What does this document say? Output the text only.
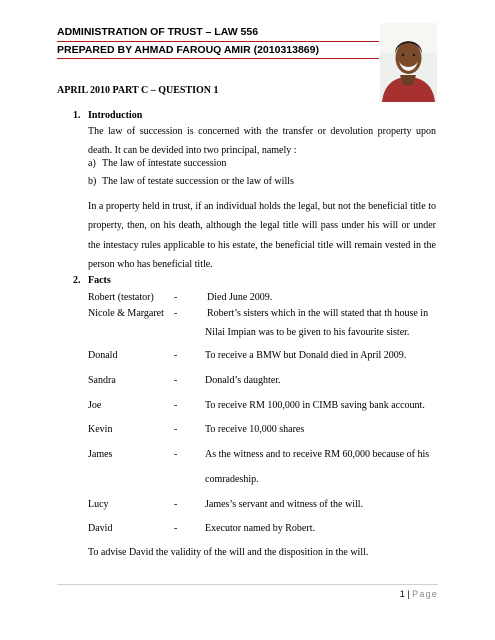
ADMINISTRATION OF TRUST – LAW 556
PREPARED BY AHMAD FAROUQ AMIR (2010313869)
APRIL 2010 PART C – QUESTION 1
1. Introduction
The law of succession is concerned with the transfer or devolution property upon death. It can be devided into two principal, namely :
a) The law of intestate succession
b) The law of testate succession or the law of wills
In a property held in trust, if an individual holds the legal, but not the beneficial title to property, then, on his death, although the legal title will pass under his will or under the intestacy rules applicable to his estate, the beneficial title will remain vested in the person who has beneficial title.
2. Facts
Robert (testator) -	Died June 2009.
Nicole & Margaret -	Robert’s sisters which in the will stated that th house in
Nilai Impian was to be given to his favourite sister.
Donald	-	To receive a BMW but Donald died in April 2009.
Sandra	-	Donald’s daughter.
Joe	-	To receive RM 100,000 in CIMB saving bank account.
Kevin	-	To receive 10,000 shares
James	-	As the witness and to receive RM 60,000 because of his
comradeship.
Lucy	-	James’s servant and witness of the will.
David	-	Executor named by Robert.
To advise David the validity of the will and the disposition in the will.
1 | Page
